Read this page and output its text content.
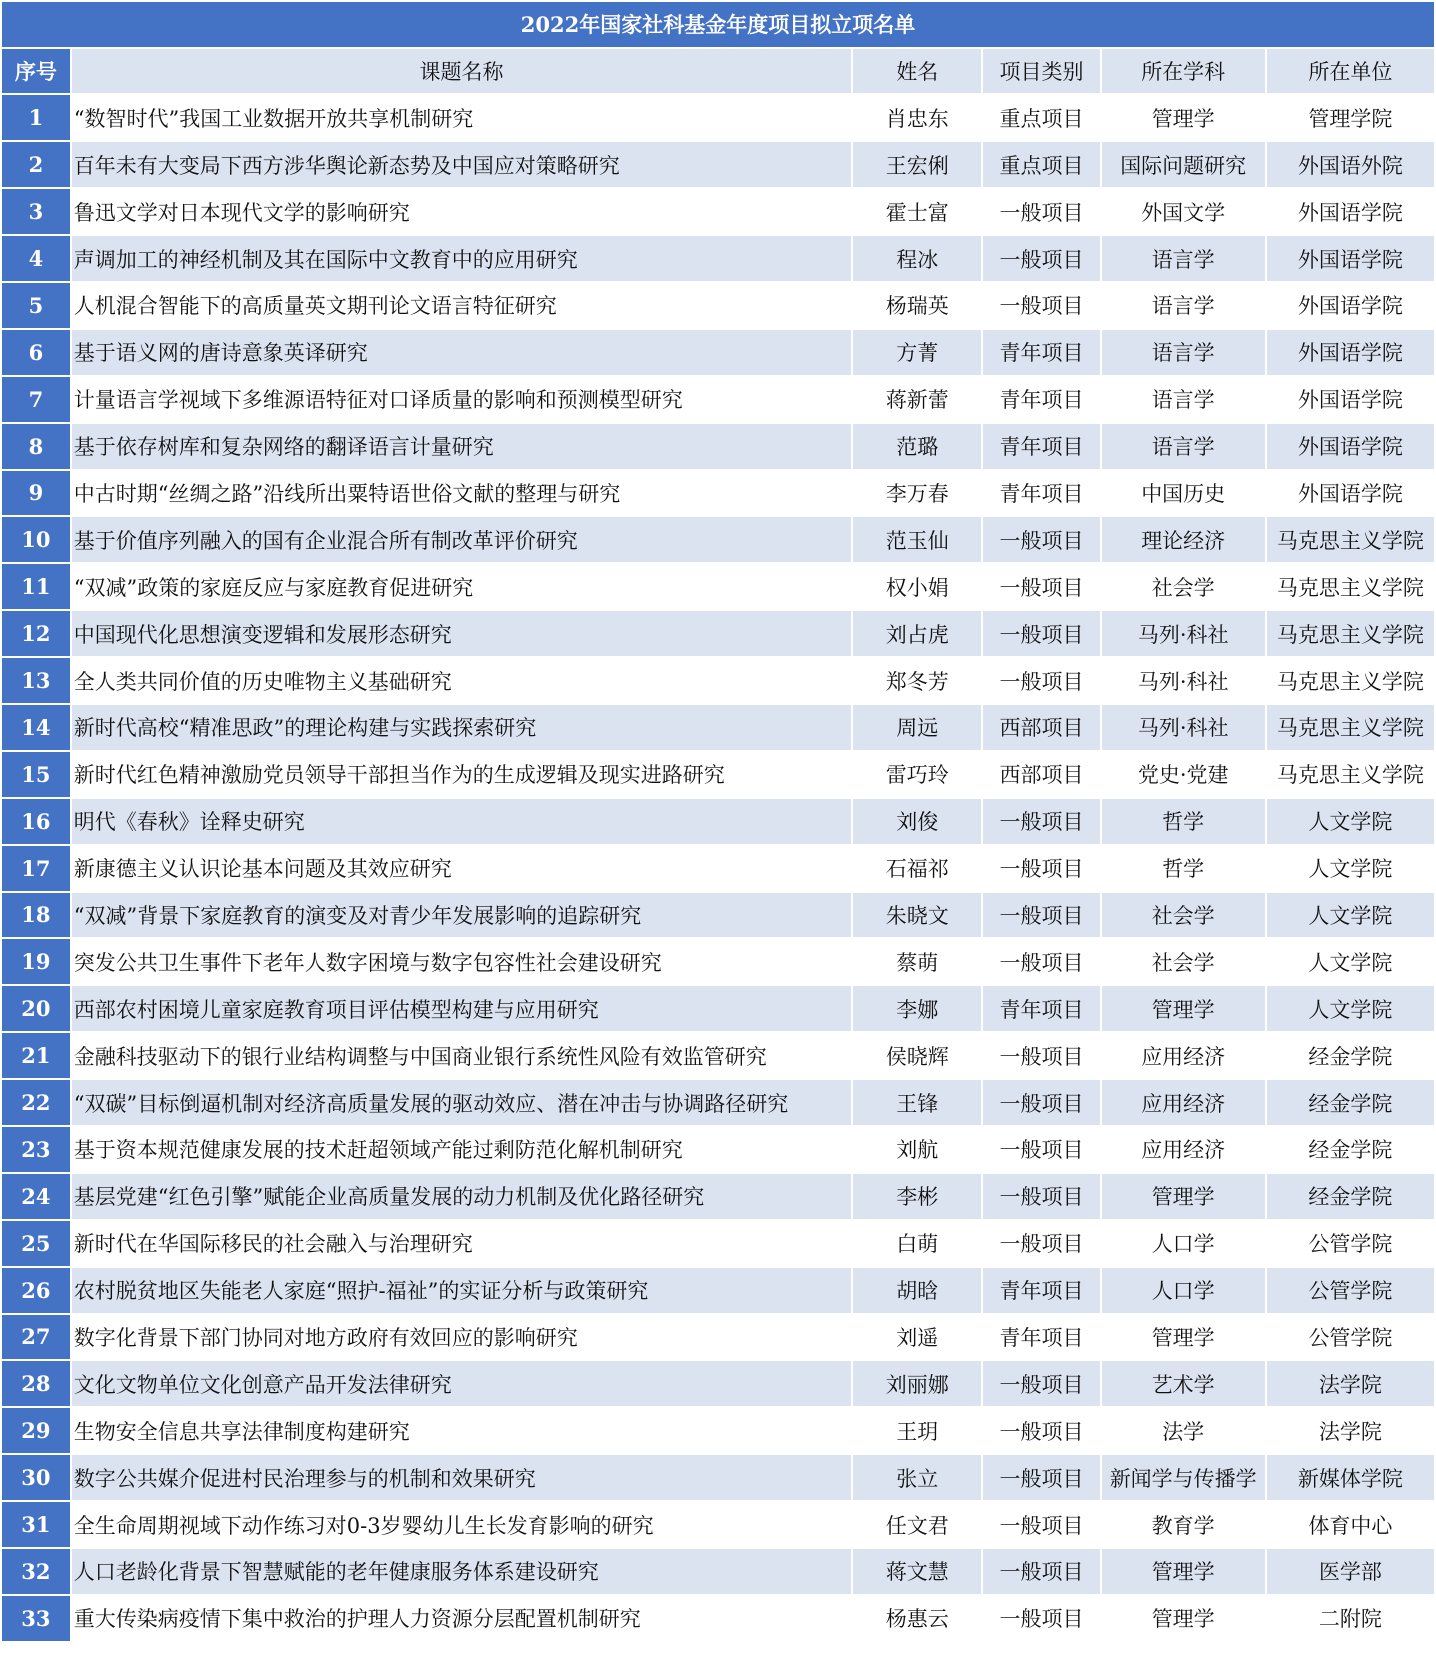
2022年国家社科基金年度项目拟立项名单					
序号	课题名称	姓名	项目类别	所在学科	所在单位
1	“数智时代”我国工业数据开放共享机制研究	肖忠东	重点项目	管理学	管理学院
2	百年未有大变局下西方涉华舆论新态势及中国应对策略研究	王宏俐	重点项目	国际问题研究	外国语外院
3	鲁迅文学对日本现代文学的影响研究	霍士富	一般项目	外国文学	外国语学院
4	声调加工的神经机制及其在国际中文教育中的应用研究	程冰	一般项目	语言学	外国语学院
5	人机混合智能下的高质量英文期刊论文语言特征研究	杨瑞英	一般项目	语言学	外国语学院
6	基于语义网的唐诗意象英译研究	方菁	青年项目	语言学	外国语学院
7	计量语言学视域下多维源语特征对口译质量的影响和预测模型研究	蒋新蕾	青年项目	语言学	外国语学院
8	基于依存树库和复杂网络的翻译语言计量研究	范璐	青年项目	语言学	外国语学院
9	中古时期“丝绸之路”沿线所出粟特语世俗文献的整理与研究	李万春	青年项目	中国历史	外国语学院
10	基于价值序列融入的国有企业混合所有制改革评价研究	范玉仙	一般项目	理论经济	马克思主义学院
11	“双减”政策的家庭反应与家庭教育促进研究	权小娟	一般项目	社会学	马克思主义学院
12	中国现代化思想演变逻辑和发展形态研究	刘占虎	一般项目	马列·科社	马克思主义学院
13	全人类共同价值的历史唯物主义基础研究	郑冬芳	一般项目	马列·科社	马克思主义学院
14	新时代高校“精准思政”的理论构建与实践探索研究	周远	西部项目	马列·科社	马克思主义学院
15	新时代红色精神激励党员领导干部担当作为的生成逻辑及现实进路研究	雷巧玲	西部项目	党史·党建	马克思主义学院
16	明代《春秋》诠释史研究	刘俊	一般项目	哲学	人文学院
17	新康德主义认识论基本问题及其效应研究	石福祁	一般项目	哲学	人文学院
18	“双减”背景下家庭教育的演变及对青少年发展影响的追踪研究	朱晓文	一般项目	社会学	人文学院
19	突发公共卫生事件下老年人数字困境与数字包容性社会建设研究	蔡萌	一般项目	社会学	人文学院
20	西部农村困境儿童家庭教育项目评估模型构建与应用研究	李娜	青年项目	管理学	人文学院
21	金融科技驱动下的银行业结构调整与中国商业银行系统性风险有效监管研究	侯晓辉	一般项目	应用经济	经金学院
22	“双碳”目标倒逼机制对经济高质量发展的驱动效应、潜在冲击与协调路径研究	王锋	一般项目	应用经济	经金学院
23	基于资本规范健康发展的技术赶超领域产能过剩防范化解机制研究	刘航	一般项目	应用经济	经金学院
24	基层党建“红色引擎”赋能企业高质量发展的动力机制及优化路径研究	李彬	一般项目	管理学	经金学院
25	新时代在华国际移民的社会融入与治理研究	白萌	一般项目	人口学	公管学院
26	农村脱贫地区失能老人家庭“照护-福祉”的实证分析与政策研究	胡晗	青年项目	人口学	公管学院
27	数字化背景下部门协同对地方政府有效回应的影响研究	刘遥	青年项目	管理学	公管学院
28	文化文物单位文化创意产品开发法律研究	刘丽娜	一般项目	艺术学	法学院
29	生物安全信息共享法律制度构建研究	王玥	一般项目	法学	法学院
30	数字公共媒介促进村民治理参与的机制和效果研究	张立	一般项目	新闻学与传播学	新媒体学院
31	全生命周期视域下动作练习对0-3岁婴幼儿生长发育影响的研究	任文君	一般项目	教育学	体育中心
32	人口老龄化背景下智慧赋能的老年健康服务体系建设研究	蒋文慧	一般项目	管理学	医学部
33	重大传染病疫情下集中救治的护理人力资源分层配置机制研究	杨惠云	一般项目	管理学	二附院
